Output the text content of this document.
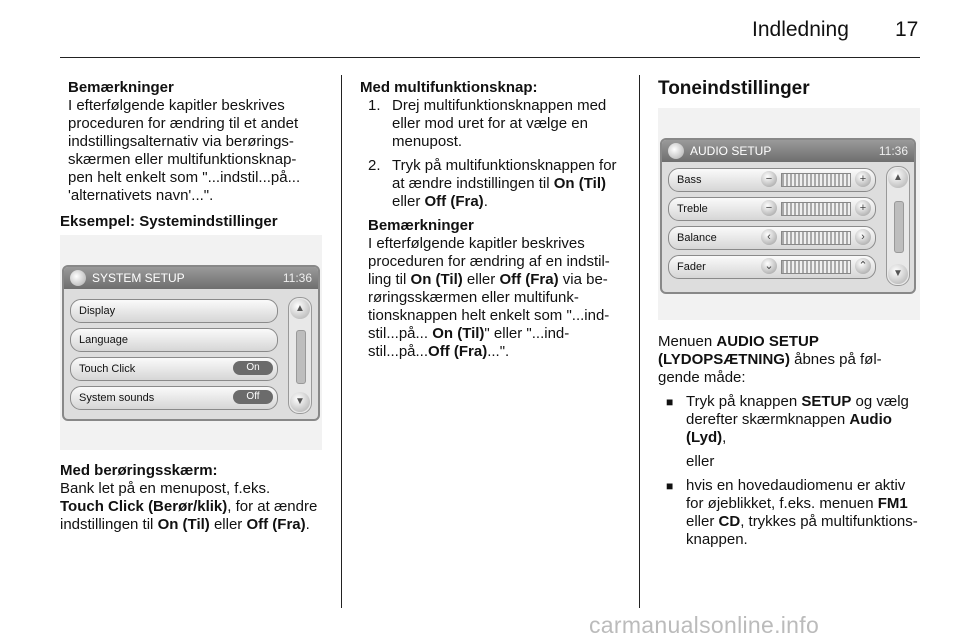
Indledning 17

Bemærkninger

I efterfølgende kapitler beskrives

proceduren for ændring til et andet

indstillingsalternativ via berørings-

skærmen eller multifunktionsknap-

pen helt enkelt som "...indstil...på...

'alternativets navn'...".

Eksempel: Systemindstillinger

SYSTEM SETUP	11:36
Display
Language
Touch Click	On
System sounds	Off
▲
▼

Med berøringsskærm:

Bank let på en menupost, f.eks.

Touch Click (Berør/klik), for at ændre

indstillingen til On (Til) eller Off (Fra).

Med multifunktionsknap:

1. Drej multifunktionsknappen med

eller mod uret for at vælge en

menupost.

2. Tryk på multifunktionsknappen for

at ændre indstillingen til On (Til)

eller Off (Fra).

Bemærkninger

I efterfølgende kapitler beskrives

proceduren for ændring af en indstil-

ling til On (Til) eller Off (Fra) via be-

røringsskærmen eller multifunk-

tionsknappen helt enkelt som "...ind-

stil...på... On (Til)" eller "...ind-

stil...på...Off (Fra)...".

Toneindstillinger
AUDIO SETUP	11:36
Bass	−	+
Treble	−	+
Balance	‹	›
Fader	⌄	⌃
▲
▼

Menuen AUDIO SETUP

(LYDOPSÆTNING) åbnes på føl-

gende måde:

■ Tryk på knappen SETUP og vælg

derefter skærmknappen Audio

(Lyd),

eller

■ hvis en hovedaudiomenu er aktiv

for øjeblikket, f.eks. menuen FM1

eller CD, trykkes på multifunktions-

knappen.

carmanualsonline.info
